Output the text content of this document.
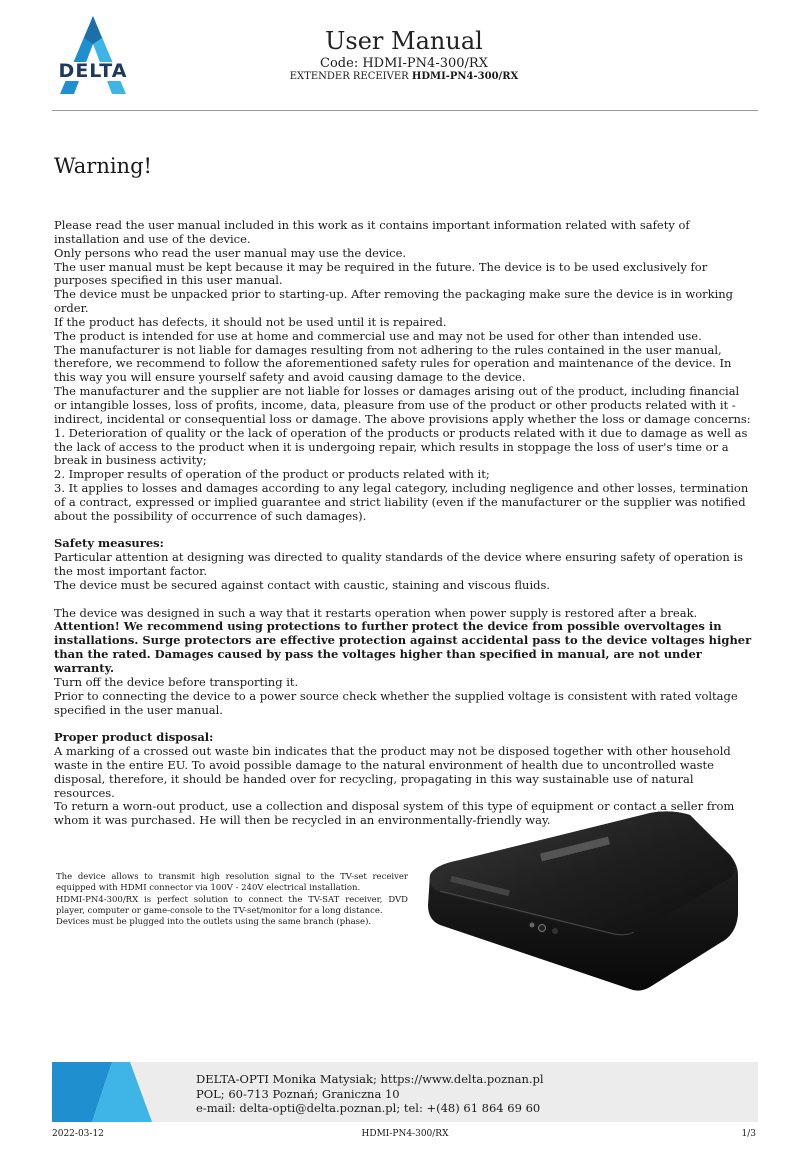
DELTA
User Manual
Code: HDMI-PN4-300/RX
EXTENDER RECEIVER HDMI-PN4-300/RX
Warning!

Please read the user manual included in this work as it contains important information related with safety of installation and use of the device.

Only persons who read the user manual may use the device.

The user manual must be kept because it may be required in the future. The device is to be used exclusively for purposes specified in this user manual.

The device must be unpacked prior to starting-up. After removing the packaging make sure the device is in working order.

If the product has defects, it should not be used until it is repaired.

The product is intended for use at home and commercial use and may not be used for other than intended use.

The manufacturer is not liable for damages resulting from not adhering to the rules contained in the user manual, therefore, we recommend to follow the aforementioned safety rules for operation and maintenance of the device. In this way you will ensure yourself safety and avoid causing damage to the device.

The manufacturer and the supplier are not liable for losses or damages arising out of the product, including financial or intangible losses, loss of profits, income, data, pleasure from use of the product or other products related with it - indirect, incidental or consequential loss or damage. The above provisions apply whether the loss or damage concerns:

1. Deterioration of quality or the lack of operation of the products or products related with it due to damage as well as the lack of access to the product when it is undergoing repair, which results in stoppage the loss of user's time or a break in business activity;

2. Improper results of operation of the product or products related with it;

3. It applies to losses and damages according to any legal category, including negligence and other losses, termination of a contract, expressed or implied guarantee and strict liability (even if the manufacturer or the supplier was notified about the possibility of occurrence of such damages).

Safety measures:

Particular attention at designing was directed to quality standards of the device where ensuring safety of operation is the most important factor.

The device must be secured against contact with caustic, staining and viscous fluids.

The device was designed in such a way that it restarts operation when power supply is restored after a break.

Attention! We recommend using protections to further protect the device from possible overvoltages in installations. Surge protectors are effective protection against accidental pass to the device voltages higher than the rated. Damages caused by pass the voltages higher than specified in manual, are not under warranty.

Turn off the device before transporting it.

Prior to connecting the device to a power source check whether the supplied voltage is consistent with rated voltage specified in the user manual.

Proper product disposal:

A marking of a crossed out waste bin indicates that the product may not be disposed together with other household waste in the entire EU. To avoid possible damage to the natural environment of health due to uncontrolled waste disposal, therefore, it should be handed over for recycling, propagating in this way sustainable use of natural resources.

To return a worn-out product, use a collection and disposal system of this type of equipment or contact a seller from whom it was purchased. He will then be recycled in an environmentally-friendly way.

The device allows to transmit high resolution signal to the TV-set receiver equipped with HDMI connector via 100V - 240V electrical installation.

HDMI-PN4-300/RX is perfect solution to connect the TV-SAT receiver, DVD player, computer or game-console to the TV-set/monitor for a long distance.

Devices must be plugged into the outlets using the same branch (phase).

DELTA-OPTI Monika Matysiak; https://www.delta.poznan.pl
POL; 60-713 Poznań; Graniczna 10
e-mail: delta-opti@delta.poznan.pl; tel: +(48) 61 864 69 60
2022-03-12	HDMI-PN4-300/RX	1/3
